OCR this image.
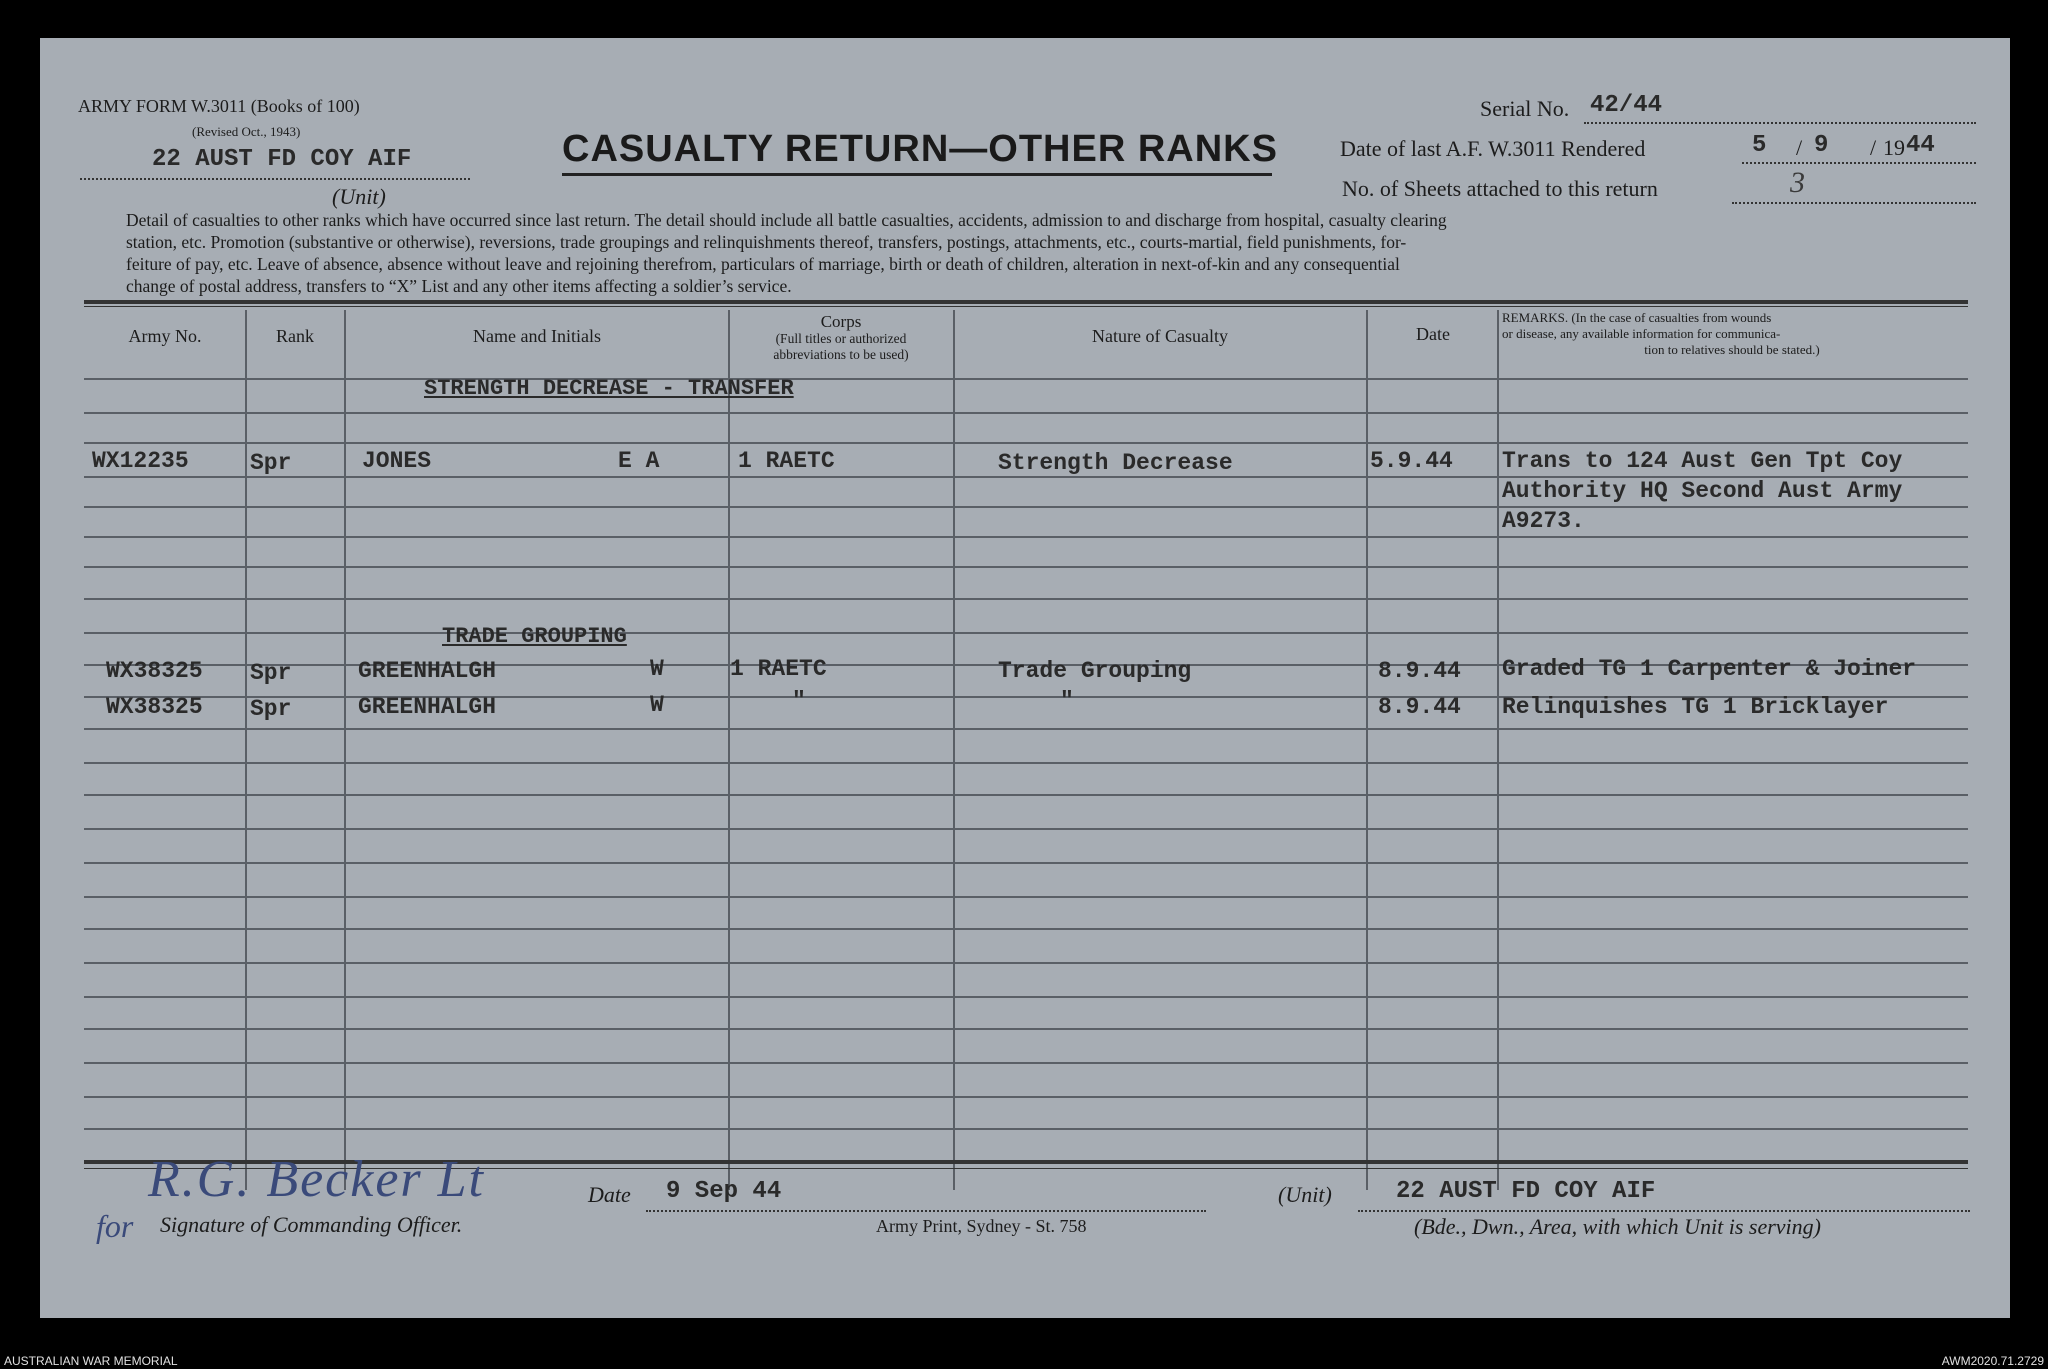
ARMY FORM W.3011 (Books of 100)
(Revised Oct., 1943)
22 AUST FD COY AIF
(Unit)
CASUALTY RETURN—OTHER RANKS
Serial No. 42/44
Date of last A.F. W.3011 Rendered	5 / 9 / 19 44
No. of Sheets attached to this return	3
Detail of casualties to other ranks which have occurred since last return. The detail should include all battle casualties, accidents, admission to and discharge from hospital, casualty clearing
station, etc. Promotion (substantive or otherwise), reversions, trade groupings and relinquishments thereof, transfers, postings, attachments, etc., courts-martial, field punishments, for-
feiture of pay, etc. Leave of absence, absence without leave and rejoining therefrom, particulars of marriage, birth or death of children, alteration in next-of-kin and any consequential
change of postal address, transfers to “X” List and any other items affecting a soldier’s service.
Army No.	Rank	Name and Initials
Corps
(Full titles or authorized
abbreviations to be used)
Nature of Casualty	Date
REMARKS. (In the case of casualties from wounds
or disease, any available information for communica-
tion to relatives should be stated.)
STRENGTH DECREASE - TRANSFER
TRADE GROUPING
WX12235	Spr	JONES	E A	1 RAETC	Strength Decrease	5.9.44 Trans to 124 Aust Gen Tpt Coy
Authority HQ Second Aust Army
A9273.
WX38325 Spr	GREENHALGH	W	1 RAETC	Trade Grouping	8.9.44 Graded TG 1 Carpenter & Joiner
WX38325 Spr	GREENHALGH	W	"	"	8.9.44 Relinquishes TG 1 Bricklayer
R.G. Becker Lt
for Signature of Commanding Officer.
Date 9 Sep 44
Army Print, Sydney - St. 758
(Unit)	22 AUST FD COY AIF
(Bde., Dwn., Area, with which Unit is serving)
AUSTRALIAN WAR MEMORIAL	AWM2020.71.2729
